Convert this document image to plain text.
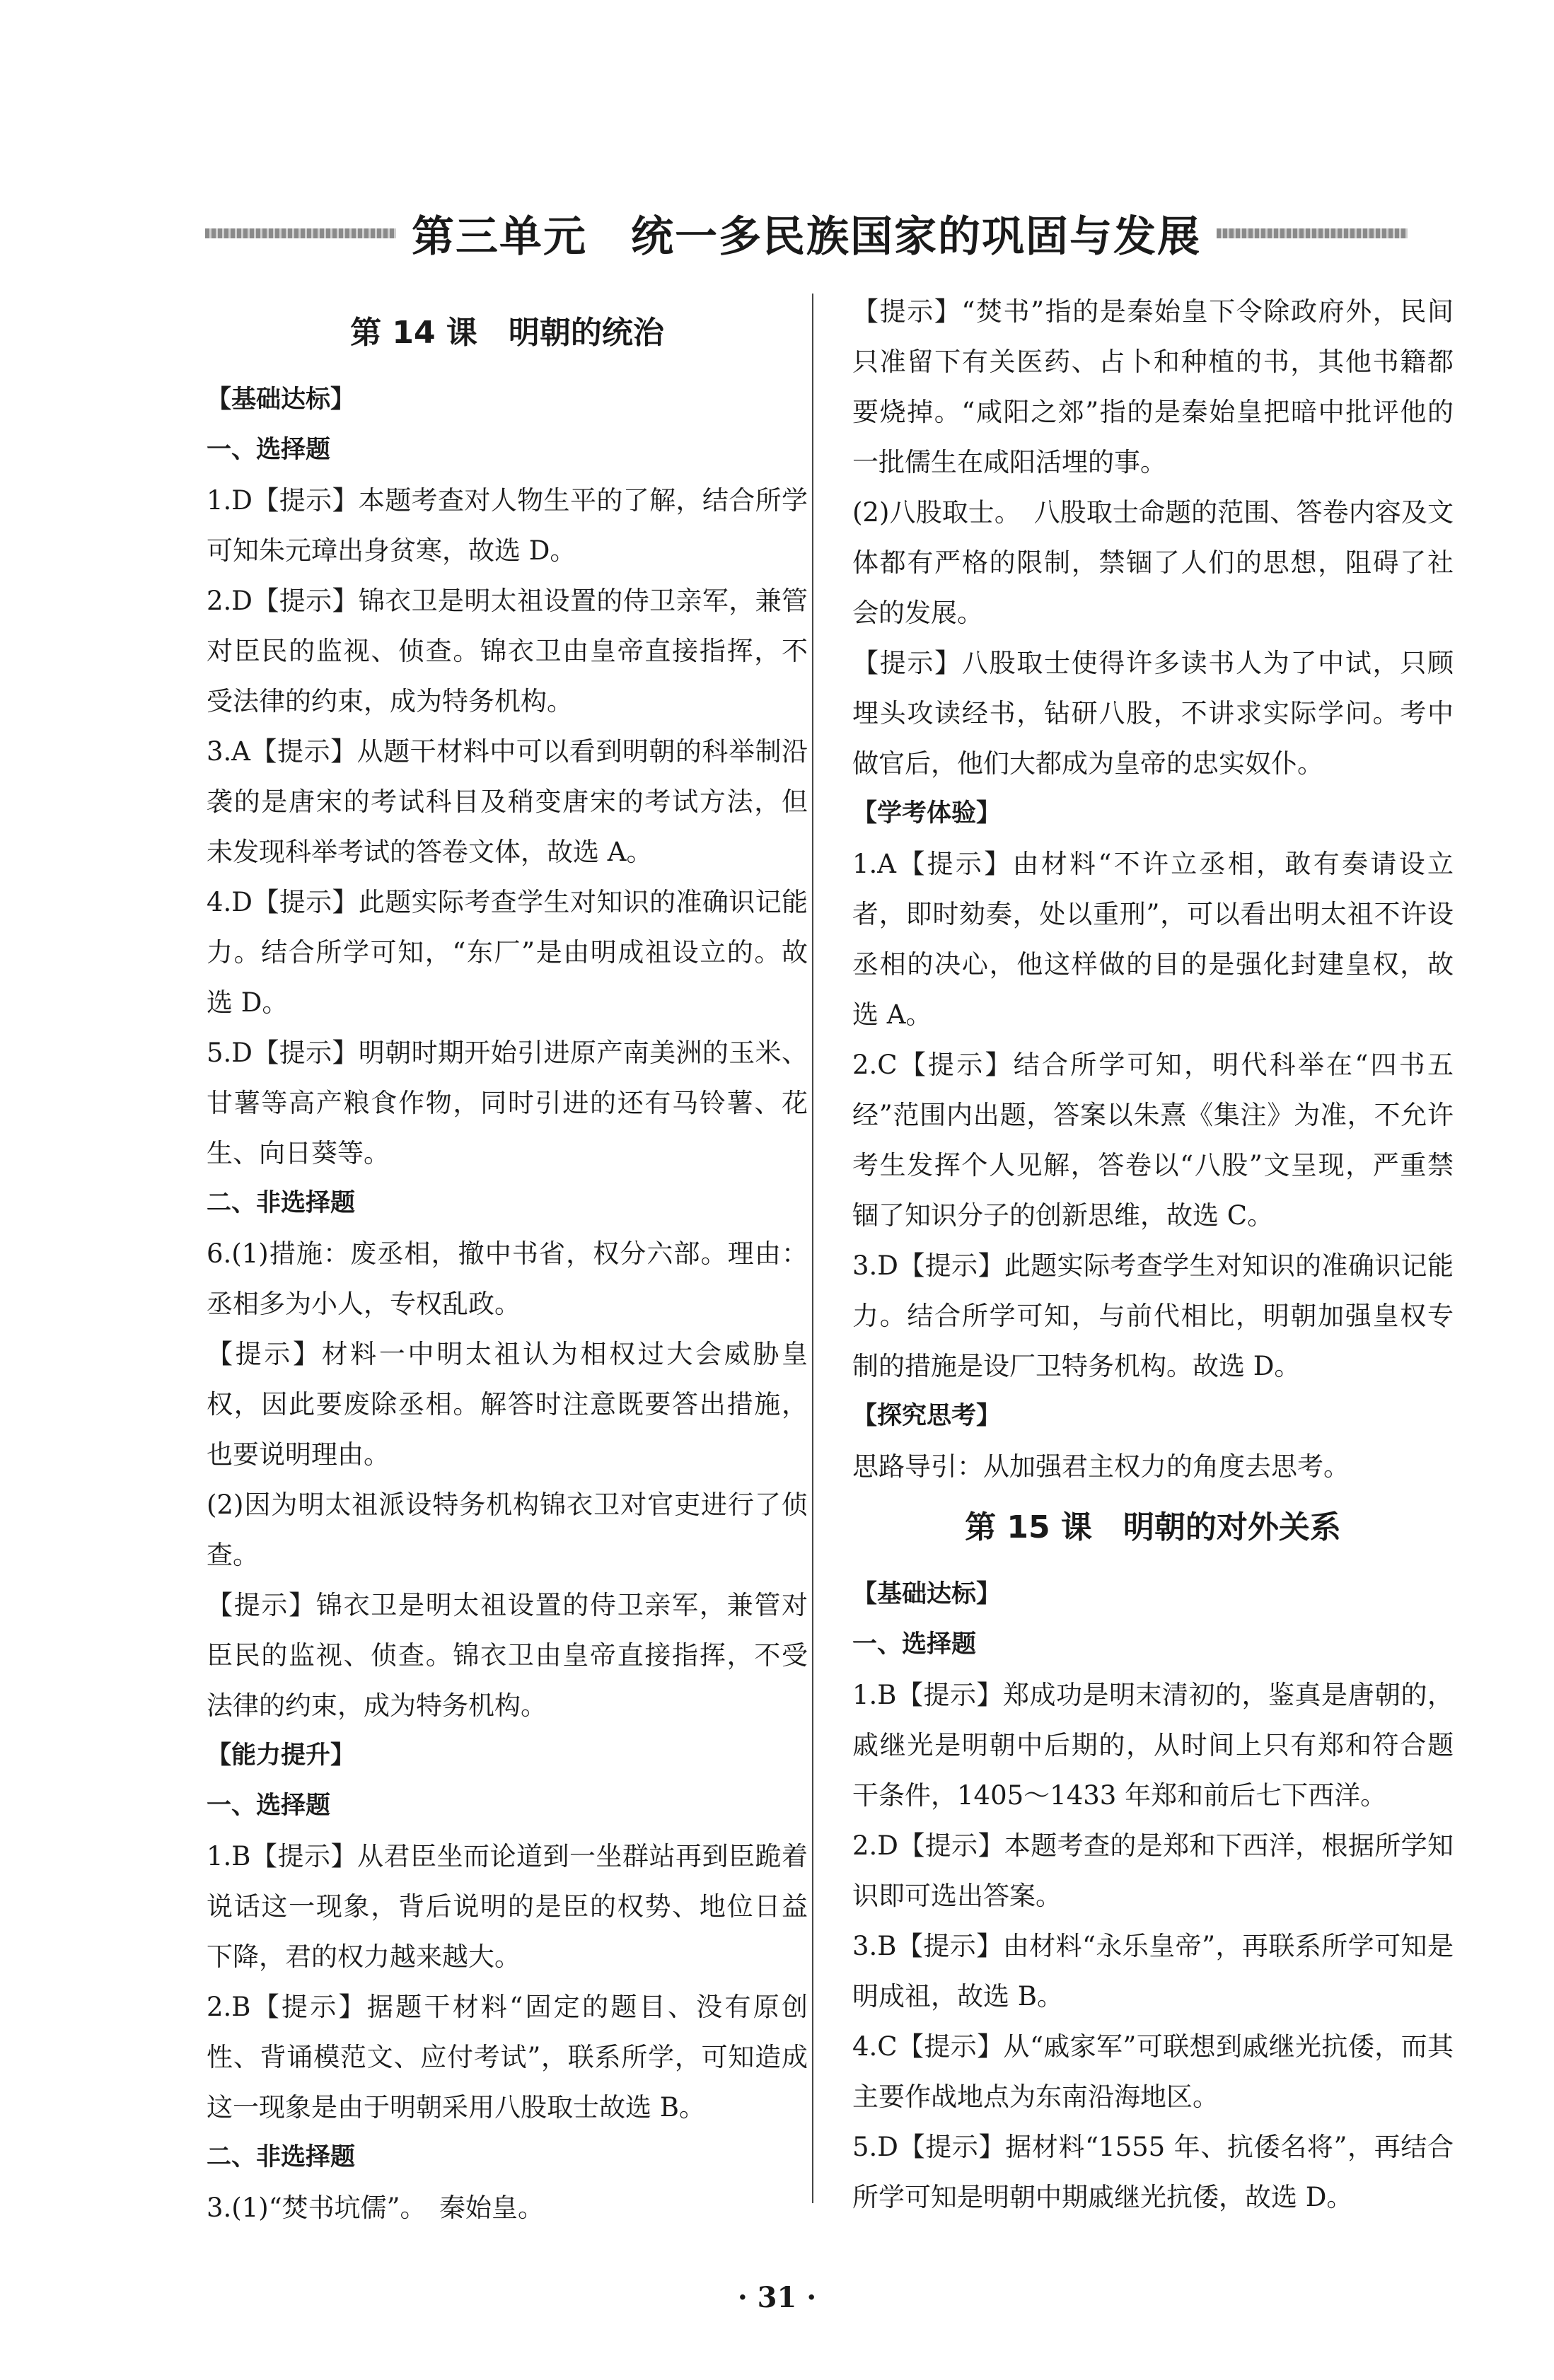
第三单元　统一多民族国家的巩固与发展
第 14 课　明朝的统治
【基础达标】
一、选择题
1.D【提示】本题考查对人物生平的了解，结合所学可知朱元璋出身贫寒，故选 D。
2.D【提示】锦衣卫是明太祖设置的侍卫亲军，兼管对臣民的监视、侦查。锦衣卫由皇帝直接指挥，不受法律的约束，成为特务机构。
3.A【提示】从题干材料中可以看到明朝的科举制沿袭的是唐宋的考试科目及稍变唐宋的考试方法，但未发现科举考试的答卷文体，故选 A。
4.D【提示】此题实际考查学生对知识的准确识记能力。结合所学可知，“东厂”是由明成祖设立的。故选 D。
5.D【提示】明朝时期开始引进原产南美洲的玉米、甘薯等高产粮食作物，同时引进的还有马铃薯、花生、向日葵等。
二、非选择题
6.(1)措施：废丞相，撤中书省，权分六部。理由：丞相多为小人，专权乱政。
【提示】材料一中明太祖认为相权过大会威胁皇权，因此要废除丞相。解答时注意既要答出措施，也要说明理由。
(2)因为明太祖派设特务机构锦衣卫对官吏进行了侦查。
【提示】锦衣卫是明太祖设置的侍卫亲军，兼管对臣民的监视、侦查。锦衣卫由皇帝直接指挥，不受法律的约束，成为特务机构。
【能力提升】
一、选择题
1.B【提示】从君臣坐而论道到一坐群站再到臣跪着说话这一现象，背后说明的是臣的权势、地位日益下降，君的权力越来越大。
2.B【提示】据题干材料“固定的题目、没有原创性、背诵模范文、应付考试”，联系所学，可知造成这一现象是由于明朝采用八股取士故选 B。
二、非选择题
3.(1)“焚书坑儒”。　秦始皇。
【提示】“焚书”指的是秦始皇下令除政府外，民间只准留下有关医药、占卜和种植的书，其他书籍都要烧掉。“咸阳之郊”指的是秦始皇把暗中批评他的一批儒生在咸阳活埋的事。
(2)八股取士。　八股取士命题的范围、答卷内容及文体都有严格的限制，禁锢了人们的思想，阻碍了社会的发展。
【提示】八股取士使得许多读书人为了中试，只顾埋头攻读经书，钻研八股，不讲求实际学问。考中做官后，他们大都成为皇帝的忠实奴仆。
【学考体验】
1.A【提示】由材料“不许立丞相，敢有奏请设立者，即时劾奏，处以重刑”，可以看出明太祖不许设丞相的决心，他这样做的目的是强化封建皇权，故选 A。
2.C【提示】结合所学可知，明代科举在“四书五经”范围内出题，答案以朱熹《集注》为准，不允许考生发挥个人见解，答卷以“八股”文呈现，严重禁锢了知识分子的创新思维，故选 C。
3.D【提示】此题实际考查学生对知识的准确识记能力。结合所学可知，与前代相比，明朝加强皇权专制的措施是设厂卫特务机构。故选 D。
【探究思考】
思路导引：从加强君主权力的角度去思考。
第 15 课　明朝的对外关系
【基础达标】
一、选择题
1.B【提示】郑成功是明末清初的，鉴真是唐朝的，戚继光是明朝中后期的，从时间上只有郑和符合题干条件，1405～1433 年郑和前后七下西洋。
2.D【提示】本题考查的是郑和下西洋，根据所学知识即可选出答案。
3.B【提示】由材料“永乐皇帝”，再联系所学可知是明成祖，故选 B。
4.C【提示】从“戚家军”可联想到戚继光抗倭，而其主要作战地点为东南沿海地区。
5.D【提示】据材料“1555 年、抗倭名将”，再结合所学可知是明朝中期戚继光抗倭，故选 D。
· 31 ·
